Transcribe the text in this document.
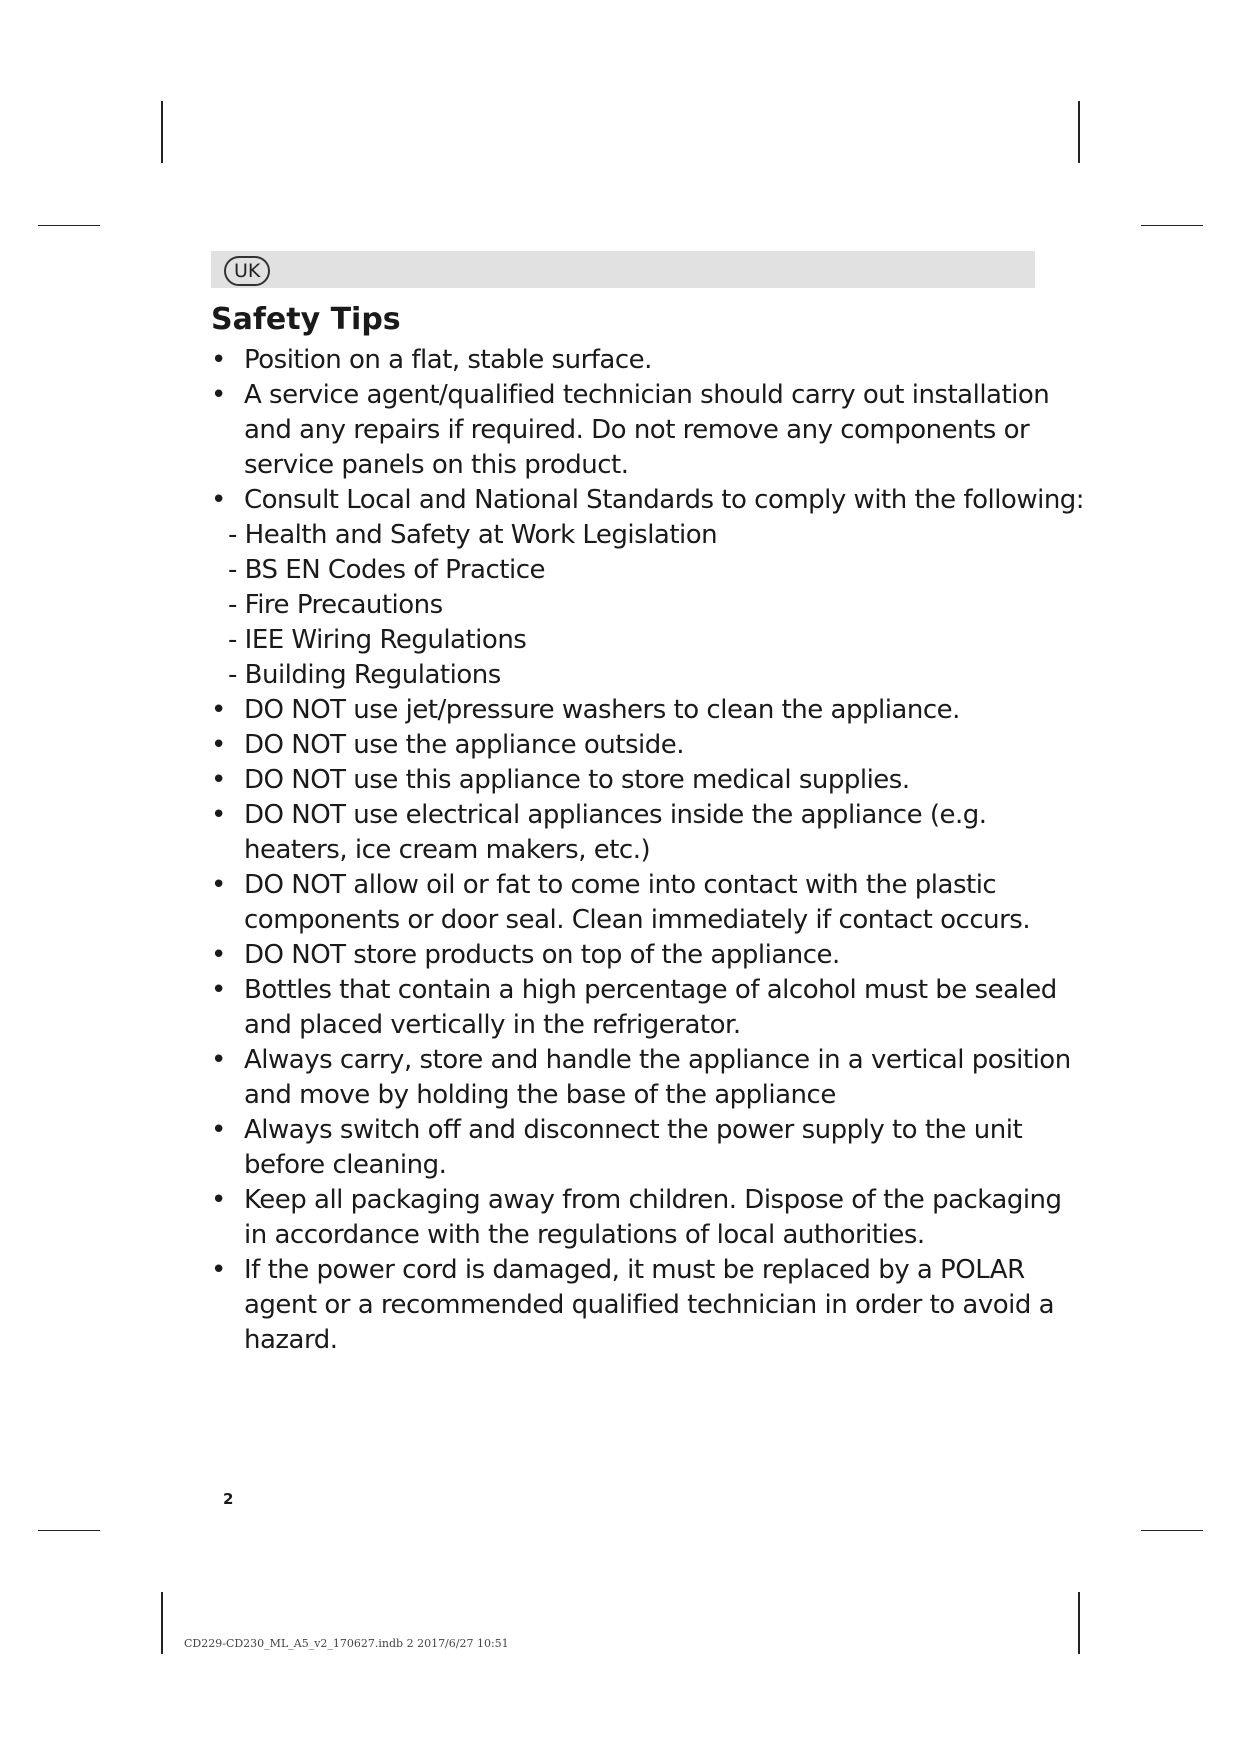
UK
Safety Tips
• Position on a flat, stable surface.
• A service agent/qualified technician should carry out installation and any repairs if required. Do not remove any components or service panels on this product.
• Consult Local and National Standards to comply with the following:
- Health and Safety at Work Legislation
- BS EN Codes of Practice
- Fire Precautions
- IEE Wiring Regulations
- Building Regulations
• DO NOT use jet/pressure washers to clean the appliance.
• DO NOT use the appliance outside.
• DO NOT use this appliance to store medical supplies.
• DO NOT use electrical appliances inside the appliance (e.g. heaters, ice cream makers, etc.)
• DO NOT allow oil or fat to come into contact with the plastic components or door seal. Clean immediately if contact occurs.
• DO NOT store products on top of the appliance.
• Bottles that contain a high percentage of alcohol must be sealed and placed vertically in the refrigerator.
• Always carry, store and handle the appliance in a vertical position and move by holding the base of the appliance
• Always switch off and disconnect the power supply to the unit before cleaning.
• Keep all packaging away from children. Dispose of the packaging in accordance with the regulations of local authorities.
• If the power cord is damaged, it must be replaced by a POLAR agent or a recommended qualified technician in order to avoid a hazard.
2
CD229-CD230_ML_A5_v2_170627.indb 2 2017/6/27 10:51
